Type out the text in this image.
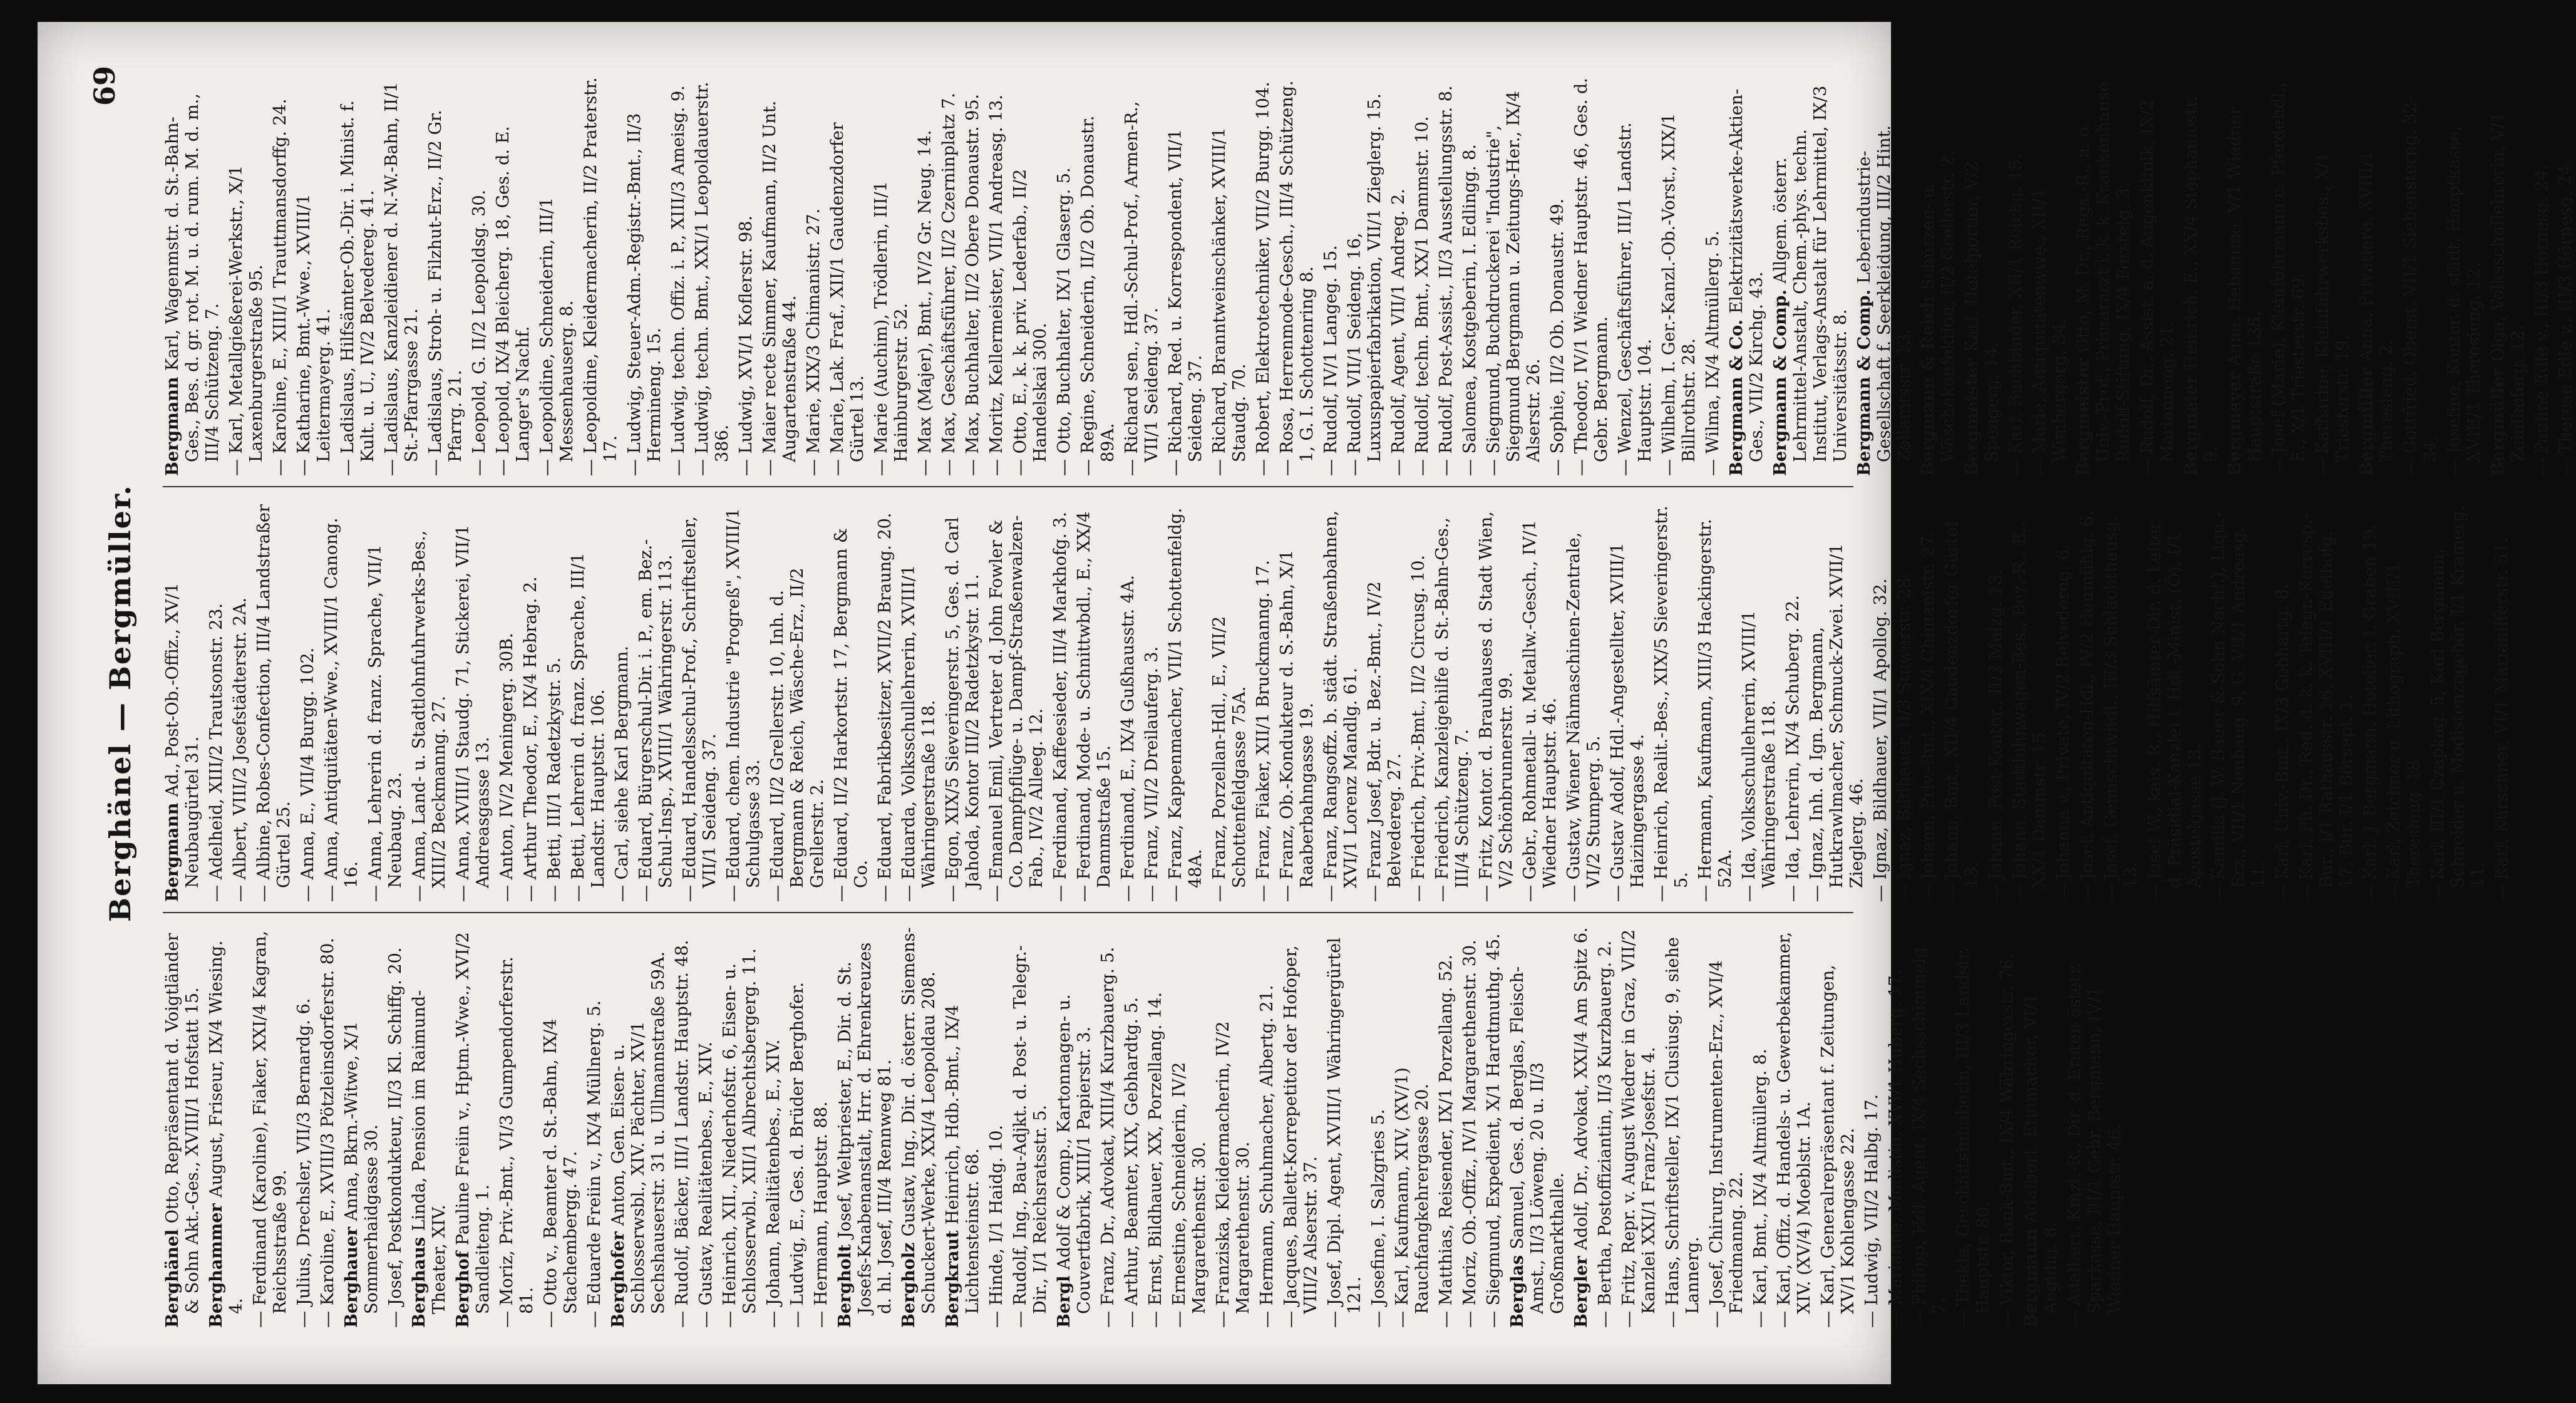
69
Berghänel — Bergmüller.

Berghänel Otto, Repräsentant d. Voigtländer & Sohn Akt.-Ges., XVIII/1 Hofstatt 15. Berghammer August, Friseur, IX/4 Wiesing. 4. — Ferdinand (Karoline), Fiaker, XXI/4 Kagran, Reichsstraße 99.

— Julius, Drechsler, VII/3 Bernardg. 6.

— Karoline, E., XVIII/3 Pötzleinsdorferstr. 80. Berghauer Anna, Bkrn.-Witwe, X/1 Sommerhaidgasse 30.

— Josef, Postkondukteur, II/3 Kl. Schiffg. 20. Berghaus Linda, Pension im Raimund-Theater, XIV. Berghof Pauline Freiin v., Hptm.-Wwe., XVI/2 Sandleiteng. 1.

— Moriz, Priv.-Bmt., VI/3 Gumpendorferstr. 81.

— Otto v., Beamter d. St.-Bahn, IX/4 Stachembergg. 47.

— Eduarde Freiin v., IX/4 Müllnerg. 5. Berghofer Anton, Gen. Eisen- u. Schlosserwsbl., XIV. Pächter, XV/1 Sechshauserstr. 31 u. Ullmannstraße 59A.

— Rudolf, Bäcker, III/1 Landstr. Hauptstr. 48.

— Gustav, Realitätenbes., E., XIV.

— Heinrich, XII., Niederhofstr. 6, Eisen- u. Schlosserwbl., XII/1 Albrechtsbergerg. 11.

— Johann, Realitätenbes., E., XIV.

— Ludwig, E., Ges. d. Brüder Berghofer.

— Hermann, Hauptstr. 88. Bergholt Josef, Weltpriester, E., Dir. d. St. Josefs-Knabenanstalt, Hrr. d. Ehrenkreuzes d. hl. Josef, III/4 Rennweg 81. Bergholz Gustav, Ing., Dir. d. österr. Siemens-Schuckert-Werke, XXI/4 Leopoldau 208. Bergkraut Heinrich, Hdb.-Bmt., IX/4 Lichtensteinstr. 68.

— Hinde, I/1 Haidg. 10.

— Rudolf, Ing., Bau-Adjkt. d. Post- u. Telegr.-Dir., I/1 Reichsratsstr. 5. Bergl Adolf & Comp., Kartonnagen- u. Couvertfabrik, XIII/1 Papierstr. 3.

— Franz, Dr., Advokat, XIII/4 Kurzbauerg. 5.

— Arthur, Beamter, XIX, Gebhardtg. 5.

— Ernst, Bildhauer, XX, Porzellang. 14.

— Ernestine, Schneiderin, IV/2 Margarethenstr. 30.

— Franziska, Kleidermacherin, IV/2 Margarethenstr. 30.

— Hermann, Schuhmacher, Albertg. 21.

— Jacques, Ballett-Korrepetitor der Hofoper, VIII/2 Alserstr. 37.

— Josef, Dipl. Agent, XVIII/1 Währingergürtel 121.

— Josefine, I. Salzgries 5.

— Karl, Kaufmann, XIV, (XV/1) Rauchfangkehrergasse 20.

— Matthias, Reisender, IX/1 Porzellang. 52.

— Moriz, Ob.-Offiz., IV/1 Margarethenstr. 30.

— Siegmund, Expedient, X/1 Hardtmuthg. 45. Berglas Samuel, Ges. d. Berglas, Fleisch-Amst., II/3 Löweng. 20 u. II/3 Großmarkthalle. Bergler Adolf, Dr., Advokat, XXI/4 Am Spitz 6.

— Bertha, Postoffiziantin, II/3 Kurzbauerg. 2.

— Fritz, Repr. v. August Wiedrer in Graz, VII/2 Kanzlei XXI/1 Franz-Josefstr. 4.

— Hans, Schriftsteller, IX/1 Clusiusg. 9, siehe Lannerg.

— Josef, Chirurg, Instrumenten-Erz., XVI/4 Friedmanng. 22.

— Karl, Bmt., IX/4 Altmüllerg. 8.

— Karl, Offiz. d. Handels- u. Gewerbekammer, XIV. (XV/4) Moeblstr. 1A.

— Karl, Generalrepräsentant f. Zeitungen, XV/1 Kohlengasse 22.

— Ludwig, VII/2 Halbg. 17.

— Marianne, Modistin, XVI/1 Huberg. 17.

— Philipp, Hdl.-Agent, IX/4 Sechsschimmelg. 7. — Thekla, Geschäftsinhaberin, III/3 Landstr. Hauptstr. 80.

— Viktor, Bank-Bmt., IX/4 Währingerstr. 76. Bergmann Adalbert, Etuimacher, VI/1 Aegidig. 8.

— Adalbert, Kmzl.-R., Dir. d. Ersten österr. Sparkasse, III/1 Gebr. Bergmann, IV/1 Wiedner Hauptstr. 46.

Bergmann Ad., Post-Ob.-Offiz., XV/1 Neubaugürtel 31.

— Adelheid, XIII/2 Trautsonstr. 23.

— Albert, VIII/2 Josefstädterstr. 2A.

— Albine, Robes-Confection, III/4 Landstraßer Gürtel 25.

— Anna, E., VII/4 Burgg. 102.

— Anna, Antiquitäten-Wwe., XVIII/1 Canong. 16.

— Anna, Lehrerin d. franz. Sprache, VII/1 Neubaug. 23.

— Anna, Land- u. Stadtlohnfuhrwerks-Bes., XIII/2 Beckmanng. 27.

— Anna, XVIII/1 Staudg. 71, Stickerei, VII/1 Andreasgasse 13.

— Anton, IV/2 Meningerg. 30B.

— Arthur Theodor, E., IX/4 Hebrag. 2.

— Betti, III/1 Radetzkystr. 5.

— Betti, Lehrerin d. franz. Sprache, III/1 Landstr. Hauptstr. 106.

— Carl, siehe Karl Bergmann.

— Eduard, Bürgerschul-Dir. i. P., em. Bez.-Schul-Insp., XVIII/1 Währingerstr. 113.

— Eduard, Handelsschul-Prof., Schriftsteller, VII/1 Seideng. 37.

— Eduard, chem. Industrie "Progreß", XVIII/1 Schulgasse 33.

— Eduard, II/2 Grellerstr. 10, Inh. d. Bergmann & Reich, Wäsche-Erz., II/2 Grellerstr. 2.

— Eduard, II/2 Harkortstr. 17, Bergmann & Co.

— Eduard, Fabrikbesitzer, XVII/2 Braung. 20.

— Eduarda, Volksschullehrerin, XVIII/1 Währingerstraße 118.

— Egon, XIX/5 Sieveringerstr. 5, Ges. d. Carl Jahoda, Kontor III/2 Radetzkystr. 11.

— Emanuel Emil, Vertreter d. John Fowler & Co. Dampfpflüge- u. Dampf-Straßenwalzen-Fab., IV/2 Alleeg. 12.

— Ferdinand, Kaffeesieder, III/4 Markhofg. 3.

— Ferdinand, Mode- u. Schnittwbdl., E., XX/4 Dammstraße 15.

— Ferdinand, E., IX/4 Gußhausstr. 4A.

— Franz, VII/2 Dreilauferg. 3.

— Franz, Kappenmacher, VII/1 Schottenfeldg. 48A.

— Franz, Porzellan-Hdl., E., VII/2 Schottenfeldgasse 75A.

— Franz, Fiaker, XII/1 Bruckmanng. 17.

— Franz, Ob.-Kondukteur d. S.-Bahn, X/1 Raaberbahngasse 19.

— Franz, Rangsoffz. b. städt. Straßenbahnen, XVI/1 Lorenz Mandlg. 61.

— Franz Josef, Bdr. u. Bez.-Bmt., IV/2 Belvedereg. 27.

— Friedrich, Priv.-Bmt., II/2 Circusg. 10.

— Friedrich, Kanzleigehilfe d. St.-Bahn-Ges., III/4 Schützeng. 7.

— Fritz, Kontor. d. Brauhauses d. Stadt Wien, V/2 Schönbrunnerstr. 99.

— Gebr., Rohmetall- u. Metallw.-Gesch., IV/1 Wiedner Hauptstr. 46.

— Gustav, Wiener Nähmaschinen-Zentrale, VI/2 Stumperg. 5.

— Gustav Adolf, Hdl.-Angestellter, XVIII/1 Haizingergasse 4.

— Heinrich, Realit.-Bes., XIX/5 Sieveringerstr. 5. — Hermann, Kaufmann, XIII/3 Hackingerstr. 52A.

— Ida, Volksschullehrerin, XVIII/1 Währingerstraße 118.

— Ida, Lehrerin, IX/4 Schuberg. 22.

— Ignaz, Inh. d. Ign. Bergmann, Hutkrawlmacher, Schmuck-Zwei. XVII/1 Zieglerg. 46.

— Ignaz, Bildhauer, VII/1 Apollog. 32.

— Ignaz, Bildhauer, II/3 Stuwerstr. 28.

— Johann, Priv.-Bmt., XIX/4 Chimanistr. 27.

— Johann, Bmt., XII/4 Gaudenzdorfer Gürtel 13.

— Johann, Post-Kontor., II/2 Malzg. 13.

— Johann, Stadtlohnwagen-Bes., Bez.-R., E., XX/1 Dammstr. 15.

— Johanna v., Private, IV/2 Belvedereg. 6.

— Josef, Antiquitäten-Hdl., IV/2 Heumühlg. 6.

— Josef, Gemischtwhdl., III/3 Schlachthausg. 13.

— Josef W., kais. R., Hilfsämter-Dir. d. Leiter d. Präsidial-Kanzlei i. Hdl.-Minist. (Ö), I/1 Apostelgasse 13.

— Kamilla (J. W. Bauer & Sohn Nachf.), Liqu.-Erz., VII/1 Neubaug. 9, G. VII/1 Andreasg. 11.

— Karl, Univ.-Bmt., IX/3 Gebhartg. 8.

— Karl, Ph. Dr., Red. d. k. k. Telegr.-Korresp.-Bur., I/1 Rathausstr. 16, XVIII/1 Edelhofg. 17, Bur. I/1 Börsepl. 1.

— Karl, J. Bergmann, Hotelier, I. Graben 19.

— Karl, Zeichner u. Lithograph, XVIII/1 Theresieng. 18.

— Karl, III/1 Czapkag. 5, Karl Bergmann, Schneider u. Modistenzugehör, I/1 Kramerg. 11.

— Karl, Kürschner, VI/1 Mariahilferstr. 51.

Bergmann Karl, Wagenmstr. d. St.-Bahn-Ges., Bes. d. gr. rot. M. u. d. rum. M. d. m., III/4 Schützeng. 7.

— Karl, Metallgießerei-Werkstr., X/1 Laxenburgerstraße 95.

— Karoline, E., XIII/1 Trauttmansdorffg. 24.

— Katharine, Bmt.-Wwe., XVIII/1 Leitermayerg. 41.

— Ladislaus, Hilfsämter-Ob.-Dir. i. Minist. f. Kult. u. U., IV/2 Belvedereg. 41.

— Ladislaus, Kanzleidiener d. N.-W.-Bahn, II/1 St.-Pfarrgasse 21.

— Ladislaus, Stroh- u. Filzhut-Erz., II/2 Gr. Pfarrg. 21.

— Leopold, G. II/2 Leopoldsg. 30.

— Leopold, IX/4 Bleicherg. 18, Ges. d. E. Langer's Nachf.

— Leopoldine, Schneiderin, III/1 Messenhauserg. 8.

— Leopoldine, Kleidermacherin, II/2 Praterstr. 17.

— Ludwig, Steuer-Adm.-Registr.-Bmt., II/3 Hermineng. 15.

— Ludwig, techn. Offiz. i. P., XIII/3 Ameisg. 9.

— Ludwig, techn. Bmt., XXI/1 Leopoldauerstr. 386.

— Ludwig, XVI/1 Koflerstr. 98.

— Maier recte Simmer, Kaufmann, II/2 Unt. Augartenstraße 44.

— Marie, XIX/3 Chimanistr. 27.

— Marie, Lak. Fraf., XII/1 Gaudenzdorfer Gürtel 13.

— Marie (Auchim), Trödlerin, III/1 Hainburgerstr. 52.

— Max (Majer), Bmt., IV/2 Gr. Neug. 14.

— Max, Geschäftsführer, II/2 Czerninplatz 7.

— Max, Buchhalter, II/2 Obere Donaustr. 95.

— Moritz, Kellermeister, VII/1 Andreasg. 13.

— Otto, E., k. k. priv. Lederfab., II/2 Handelskai 300.

— Otto, Buchhalter, IX/1 Glaserg. 5.

— Regine, Schneiderin, II/2 Ob. Donaustr. 89A.

— Richard sen., Hdl.-Schul-Prof., Armen-R., VII/1 Seideng. 37.

— Richard, Red. u. Korrespondent, VII/1 Seideng. 37.

— Richard, Branntweinschänker, XVIII/1 Staudg. 70.

— Robert, Elektrotechniker, VII/2 Burgg. 104.

— Rosa, Herrenmode-Gesch., III/4 Schützeng. 1, G. I. Schottenring 8.

— Rudolf, IV/1 Langeg. 15.

— Rudolf, VII/1 Seideng. 16, Luxuspapierfabrikation, VII/1 Zieglerg. 15.

— Rudolf, Agent, VII/1 Andreg. 2.

— Rudolf, techn. Bmt., XX/1 Dammstr. 10.

— Rudolf, Post-Assist., II/3 Ausstellungsstr. 8.

— Salomea, Kostgeberin, I. Edlingg. 8.

— Siegmund, Buchdruckerei "Industrie", Siegmund Bergmann u. Zeitungs-Her., IX/4 Alserstr. 26.

— Sophie, II/2 Ob. Donaustr. 49.

— Theodor, IV/1 Wiedner Hauptstr. 46, Ges. d. Gebr. Bergmann.

— Wenzel, Geschäftsführer, III/1 Landstr. Hauptstr. 104.

— Wilhelm, I. Ger.-Kanzl.-Ob.-Vorst., XIX/1 Billrothstr. 28.

— Wilma, IX/4 Altmüllerg. 5. Bergmann & Co. Elektrizitätswerke-Aktien-Ges., VII/2 Kirchg. 43. Bergmann & Comp. Allgem. österr. Lehrmittel-Anstalt, Chem.-phys. techn. Institut, Verlags-Anstalt für Lehrmittel, IX/3 Universitätsstr. 8. Bergmann & Comp. Leberindustrie-Gesellschaft f. Seerkleidung, III/2 Hint. Zollamtsstr. 13. Bergmann & Reich Schürzen- u. Wäschekonfektion, II/2 Grellerstr. 2. Bergmeister Karl, Hotelportier, V/2 Spengerg. 14.

— Karl, Buchbinder, XII/1 Reichg. 15.

— Marie, Antiquitätenwwe., XII/1 Wimbergerg. 34. Bergmeister Otto, M. Dr., Regs.-R., a. o. Univ.-Prof., Primararzt i. k. k. Krankenhause Rudolf-Stiftung, IX/4 Ferstelg. 3.

— Rudolf, Dr., Assist. a. d. Augenklinik, IX/2 Marianneng. 21. Bergmeier Heinrich, E., XX/4 Stephaniestr. 9. Bergmeyer Anna, Hebamme, V/1 Wiedner Hauptstraße 135.

— Josef (Marie), Kleinfuhrmann u. Pferdehdl., E., X/1 Triesterstr. 69.

— Katharine, Kleinfuhrwerksbes., X/1 Triesterstr. 19. Bergmüller Anna, Privatiere, XVIII/1 Theresieng. 2.

— Gottfried, Oberst, VII/1 Siebensterng. 32–34.

— Josefine, Kontor. d. städt. Hauptkasse, XVIII/1 Theresieng. 12. Bergmüller Olga, Volksschullehrerin, V/1 Zeinlhoferg. 12.

— Pauline Edle v., III/3 Hörnesg. 24.

— Therese Edle v., III/3 Hörnesg. 24.
